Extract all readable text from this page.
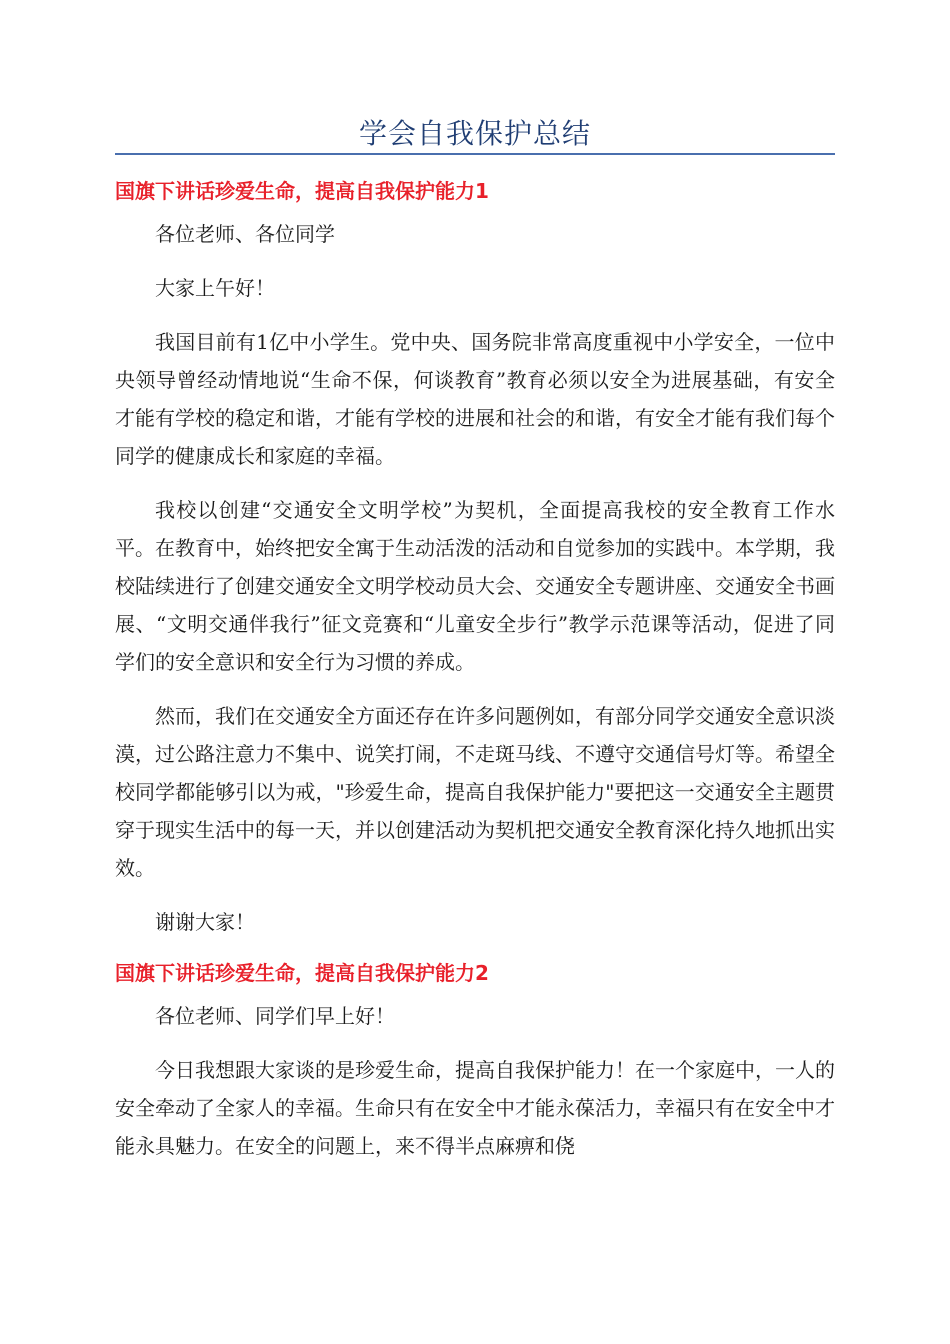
学会自我保护总结
国旗下讲话珍爱生命，提高自我保护能力1

各位老师、各位同学

大家上午好！

我国目前有1亿中小学生。党中央、国务院非常高度重视中小学安全，一位中央领导曾经动情地说“生命不保，何谈教育”教育必须以安全为进展基础，有安全才能有学校的稳定和谐，才能有学校的进展和社会的和谐，有安全才能有我们每个同学的健康成长和家庭的幸福。

我校以创建“交通安全文明学校”为契机，全面提高我校的安全教育工作水平。在教育中，始终把安全寓于生动活泼的活动和自觉参加的实践中。本学期，我校陆续进行了创建交通安全文明学校动员大会、交通安全专题讲座、交通安全书画展、“文明交通伴我行”征文竞赛和“儿童安全步行”教学示范课等活动，促进了同学们的安全意识和安全行为习惯的养成。

然而，我们在交通安全方面还存在许多问题例如，有部分同学交通安全意识淡漠，过公路注意力不集中、说笑打闹，不走斑马线、不遵守交通信号灯等。希望全校同学都能够引以为戒，"珍爱生命，提高自我保护能力"要把这一交通安全主题贯穿于现实生活中的每一天，并以创建活动为契机把交通安全教育深化持久地抓出实效。

谢谢大家！

国旗下讲话珍爱生命，提高自我保护能力2

各位老师、同学们早上好！

今日我想跟大家谈的是珍爱生命，提高自我保护能力！在一个家庭中，一人的安全牵动了全家人的幸福。生命只有在安全中才能永葆活力，幸福只有在安全中才能永具魅力。在安全的问题上，来不得半点麻痹和侥
